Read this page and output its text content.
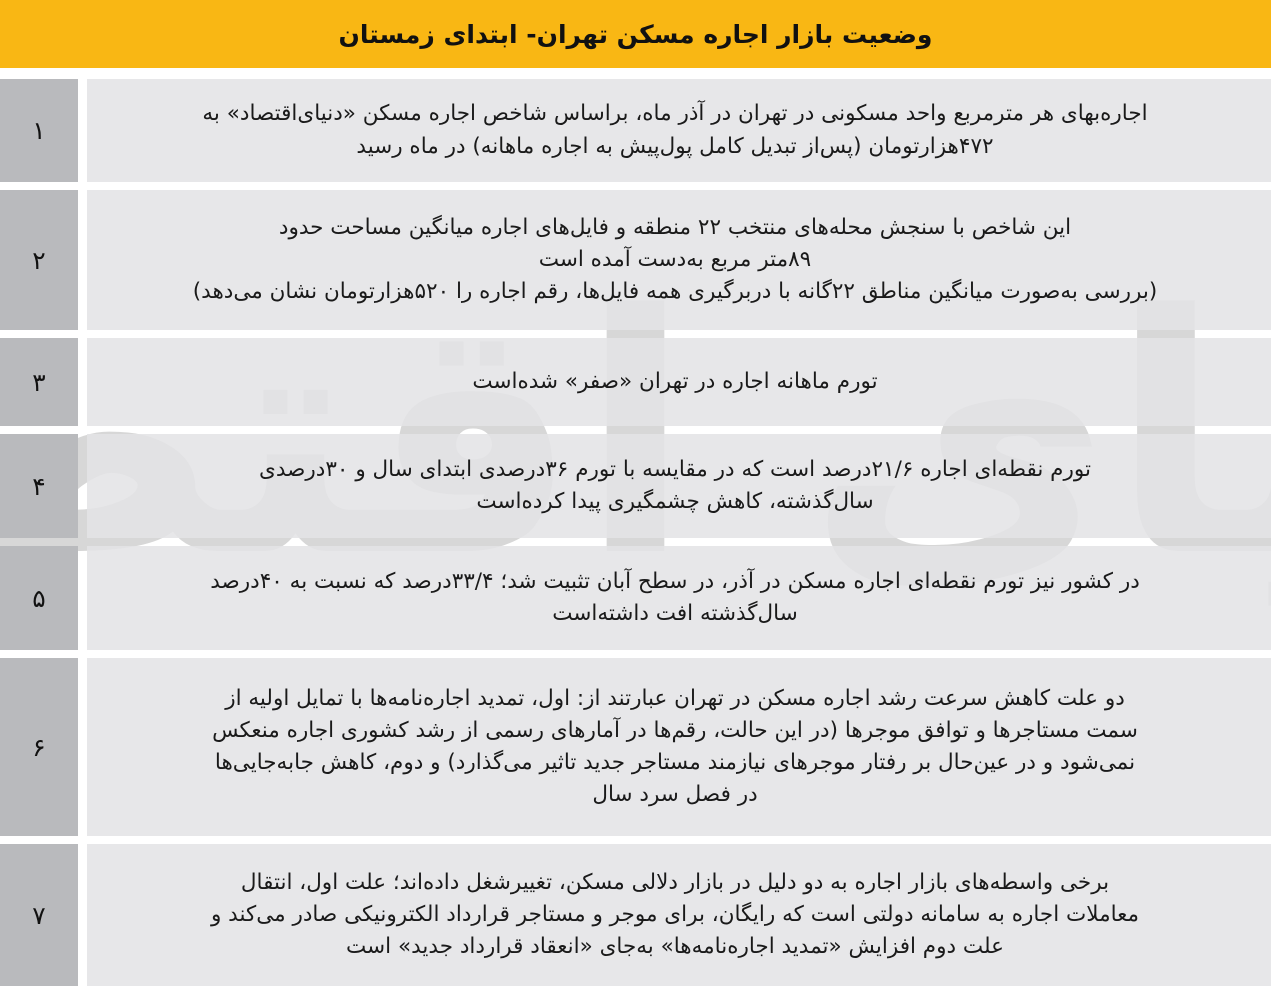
وضعیت بازار اجاره مسکن تهران- ابتدای زمستان
اجاره‌بهای هر مترمربع واحد مسکونی در تهران در آذر ماه، براساس شاخص اجاره مسکن «دنیای‌اقتصاد» به
۴۷۲هزارتومان (پس‌از تبدیل کامل پول‌پیش به اجاره ماهانه) در ماه رسید
۱
این شاخص با سنجش محله‌های منتخب ۲۲ منطقه و فایل‌های اجاره میانگین مساحت حدود
۸۹متر مربع به‌دست آمده است
(بررسی به‌صورت میانگین مناطق ۲۲گانه با دربرگیری همه فایل‌ها، رقم اجاره را ۵۲۰هزارتومان نشان می‌دهد)
۲
تورم ماهانه اجاره در تهران «صفر» شده‌است
۳
تورم نقطه‌ای اجاره ۲۱/۶درصد است که در مقایسه با تورم ۳۶درصدی ابتدای سال و ۳۰درصدی
سال‌گذشته، کاهش چشمگیری پیدا کرده‌است
۴
در کشور نیز تورم نقطه‌ای اجاره مسکن در آذر، در سطح آبان تثبیت شد؛ ۳۳/۴درصد که نسبت به ۴۰درصد
سال‌گذشته افت داشته‌است
۵
دو علت کاهش سرعت رشد اجاره مسکن در تهران عبارتند از: اول، تمدید اجاره‌نامه‌ها با تمایل اولیه از
سمت مستاجرها و توافق موجرها (در این حالت، رقم‌ها در آمارهای رسمی از رشد کشوری اجاره منعکس
نمی‌شود و در عین‌حال بر رفتار موجرهای نیازمند مستاجر جدید تاثیر می‌گذارد) و دوم، کاهش جابه‌جایی‌ها
در فصل سرد سال
۶
برخی واسطه‌های بازار اجاره به دو دلیل در بازار دلالی مسکن، تغییرشغل داده‌اند؛ علت اول، انتقال
معاملات اجاره به سامانه دولتی است که رایگان، برای موجر و مستاجر قرارداد الکترونیکی صادر می‌کند و
علت دوم افزایش «تمدید اجاره‌نامه‌ها» به‌جای «انعقاد قرارداد جدید» است
۷
